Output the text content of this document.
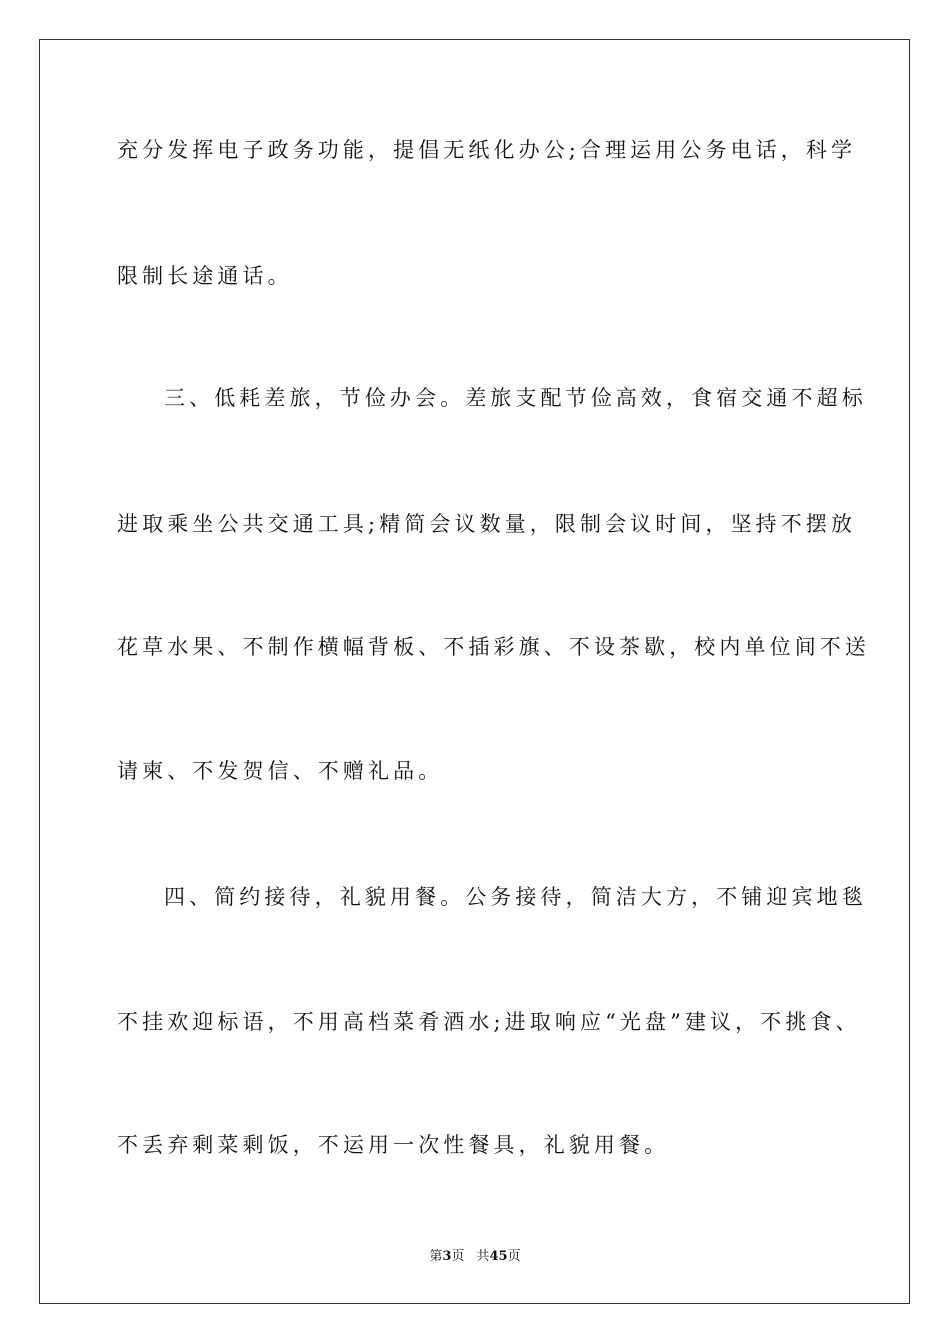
充分发挥电子政务功能，提倡无纸化办公;合理运用公务电话，科学
限制长途通话。
三、低耗差旅，节俭办会。差旅支配节俭高效，食宿交通不超标
进取乘坐公共交通工具;精简会议数量，限制会议时间，坚持不摆放
花草水果、不制作横幅背板、不插彩旗、不设茶歇，校内单位间不送
请柬、不发贺信、不赠礼品。
四、简约接待，礼貌用餐。公务接待，简洁大方，不铺迎宾地毯
不挂欢迎标语，不用高档菜肴酒水;进取响应“光盘”建议，不挑食、
不丢弃剩菜剩饭，不运用一次性餐具，礼貌用餐。
第3页 共45页
